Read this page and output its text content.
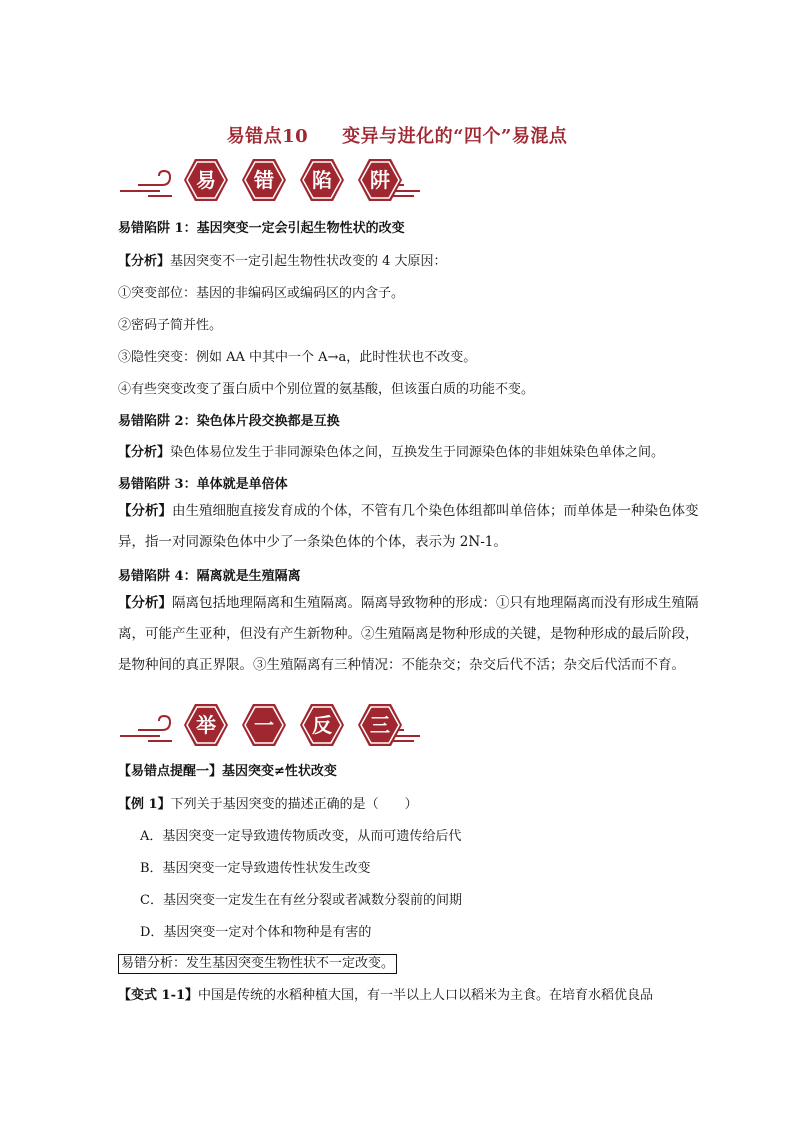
易错点10 变异与进化的“四个”易混点
易	错	陷	阱
易错陷阱 1：基因突变一定会引起生物性状的改变
【分析】基因突变不一定引起生物性状改变的 4 大原因：
①突变部位：基因的非编码区或编码区的内含子。
②密码子简并性。
③隐性突变：例如 AA 中其中一个 A→a，此时性状也不改变。
④有些突变改变了蛋白质中个别位置的氨基酸，但该蛋白质的功能不变。
易错陷阱 2：染色体片段交换都是互换
【分析】染色体易位发生于非同源染色体之间，互换发生于同源染色体的非姐妹染色单体之间。
易错陷阱 3：单体就是单倍体
【分析】由生殖细胞直接发育成的个体，不管有几个染色体组都叫单倍体；而单体是一种染色体变异，指一对同源染色体中少了一条染色体的个体，表示为 2N-1。
易错陷阱 4：隔离就是生殖隔离
【分析】隔离包括地理隔离和生殖隔离。隔离导致物种的形成：①只有地理隔离而没有形成生殖隔离，可能产生亚种，但没有产生新物种。②生殖隔离是物种形成的关键，是物种形成的最后阶段，是物种间的真正界限。③生殖隔离有三种情况：不能杂交；杂交后代不活；杂交后代活而不育。
举	一	反	三
【易错点提醒一】基因突变≠性状改变
【例 1】下列关于基因突变的描述正确的是（　　）
A．基因突变一定导致遗传物质改变，从而可遗传给后代
B．基因突变一定导致遗传性状发生改变
C．基因突变一定发生在有丝分裂或者减数分裂前的间期
D．基因突变一定对个体和物种是有害的
易错分析：发生基因突变生物性状不一定改变。
【变式 1-1】中国是传统的水稻种植大国，有一半以上人口以稻米为主食。在培育水稻优良品
